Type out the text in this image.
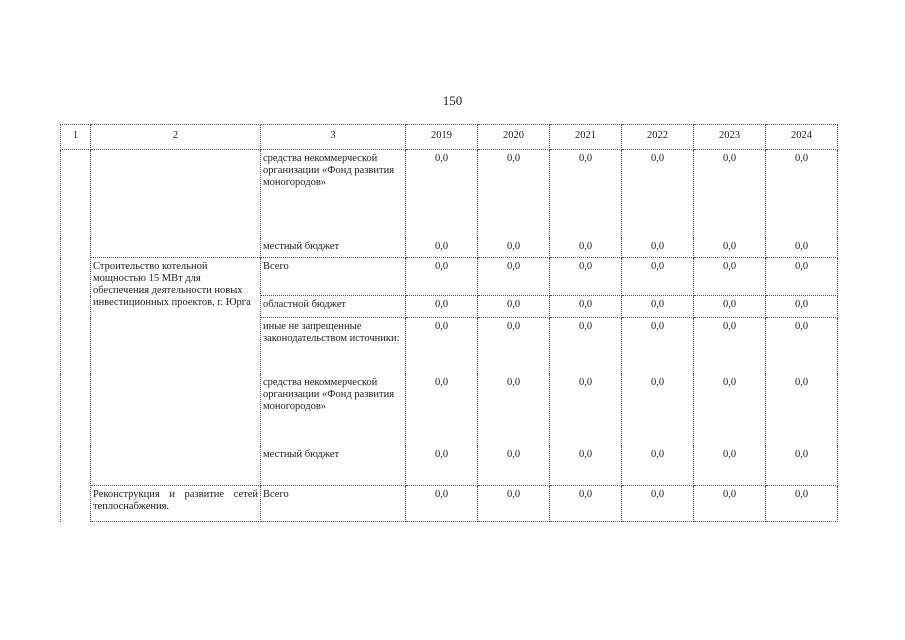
150
1	2	3	2019	2020	2021	2022	2023	2024
		средства некоммерческой организации «Фонд развития моногородов»	0,0	0,0	0,0	0,0	0,0	0,0
		местный бюджет	0,0	0,0	0,0	0,0	0,0	0,0
	Строительство котельной мощностью 15 МВт для обеспечения деятельности новых инвестиционных проектов, г. Юрга	Всего	0,0	0,0	0,0	0,0	0,0	0,0
		областной бюджет	0,0	0,0	0,0	0,0	0,0	0,0
		иные не запрещенные законодательством источники:	0,0	0,0	0,0	0,0	0,0	0,0
		средства некоммерческой организации «Фонд развития моногородов»	0,0	0,0	0,0	0,0	0,0	0,0
		местный бюджет	0,0	0,0	0,0	0,0	0,0	0,0
	Реконструкция и развитие сетей теплоснабжения.	Всего	0,0	0,0	0,0	0,0	0,0	0,0
